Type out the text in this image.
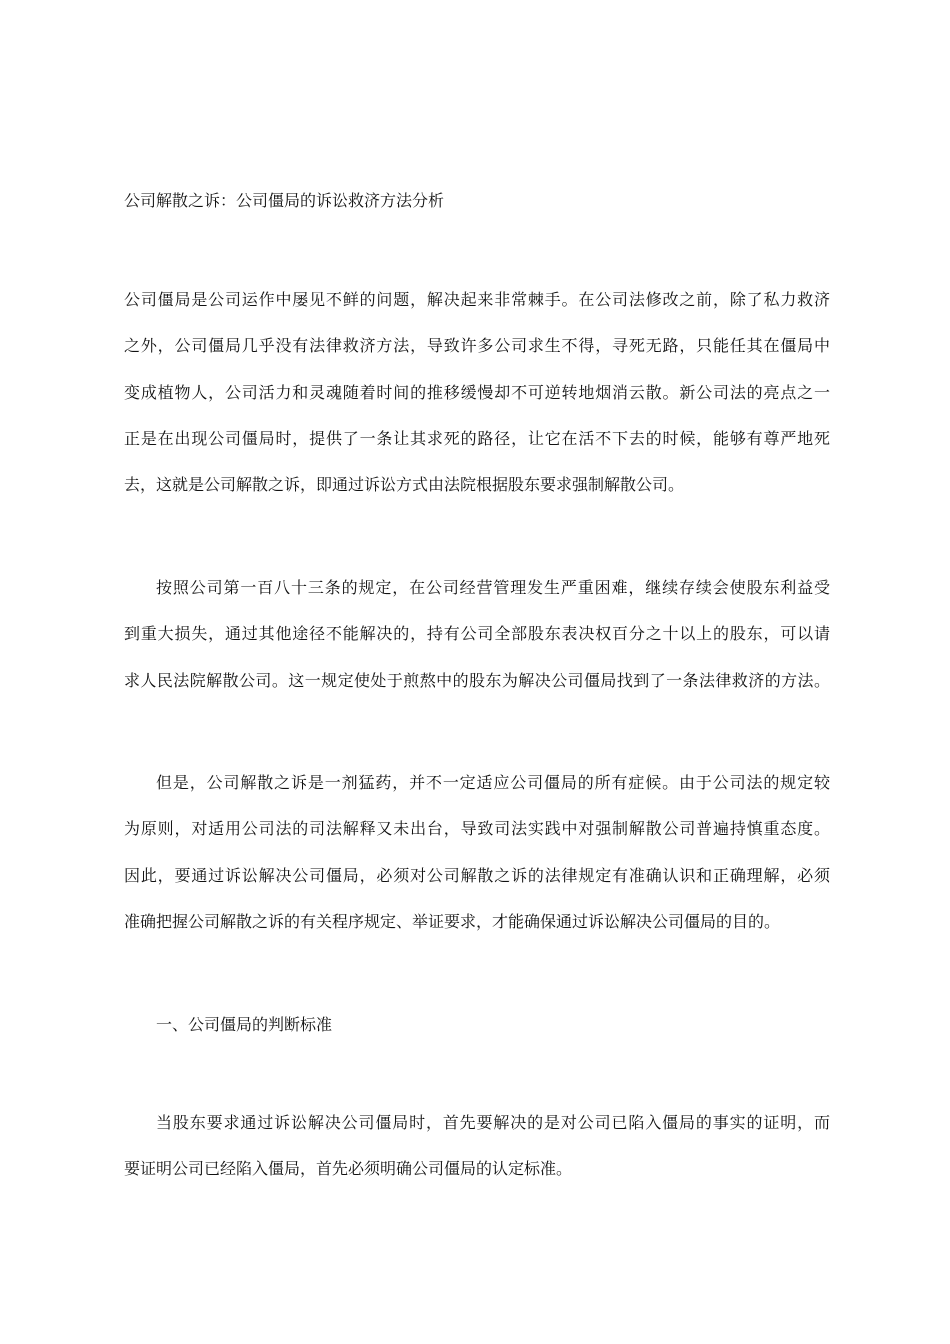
公司解散之诉：公司僵局的诉讼救济方法分析
公司僵局是公司运作中屡见不鲜的问题，解决起来非常棘手。在公司法修改之前，除了私力救济
之外，公司僵局几乎没有法律救济方法，导致许多公司求生不得，寻死无路，只能任其在僵局中
变成植物人，公司活力和灵魂随着时间的推移缓慢却不可逆转地烟消云散。新公司法的亮点之一
正是在出现公司僵局时，提供了一条让其求死的路径，让它在活不下去的时候，能够有尊严地死
去，这就是公司解散之诉，即通过诉讼方式由法院根据股东要求强制解散公司。
按照公司第一百八十三条的规定，在公司经营管理发生严重困难，继续存续会使股东利益受
到重大损失，通过其他途径不能解决的，持有公司全部股东表决权百分之十以上的股东，可以请
求人民法院解散公司。这一规定使处于煎熬中的股东为解决公司僵局找到了一条法律救济的方法。
但是，公司解散之诉是一剂猛药，并不一定适应公司僵局的所有症候。由于公司法的规定较
为原则，对适用公司法的司法解释又未出台，导致司法实践中对强制解散公司普遍持慎重态度。
因此，要通过诉讼解决公司僵局，必须对公司解散之诉的法律规定有准确认识和正确理解，必须
准确把握公司解散之诉的有关程序规定、举证要求，才能确保通过诉讼解决公司僵局的目的。
一、公司僵局的判断标准
当股东要求通过诉讼解决公司僵局时，首先要解决的是对公司已陷入僵局的事实的证明，而
要证明公司已经陷入僵局，首先必须明确公司僵局的认定标准。
